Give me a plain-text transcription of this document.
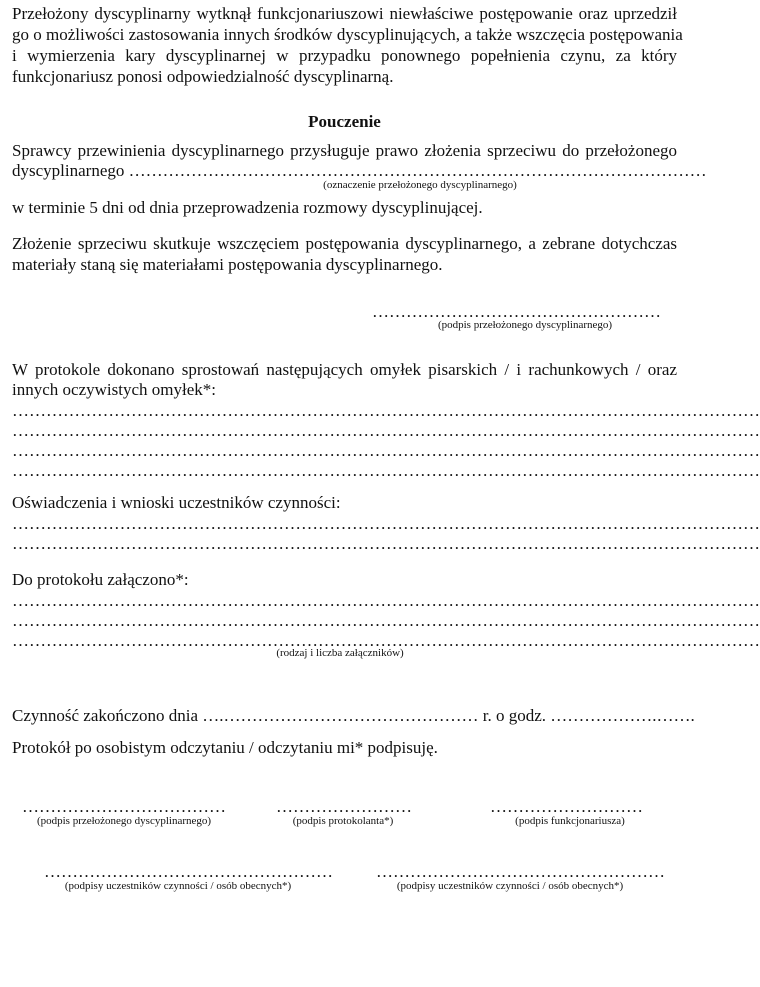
Przełożony dyscyplinarny wytknął funkcjonariuszowi niewłaściwe postępowanie oraz uprzedził
go o możliwości zastosowania innych środków dyscyplinujących, a także wszczęcia postępowania
i wymierzenia kary dyscyplinarnej w przypadku ponownego popełnienia czynu, za który
funkcjonariusz ponosi odpowiedzialność dyscyplinarną.
Pouczenie
Sprawcy przewinienia dyscyplinarnego przysługuje prawo złożenia sprzeciwu do przełożonego
dyscyplinarnego …………………………………………………………………………………………
(oznaczenie przełożonego dyscyplinarnego)
w terminie 5 dni od dnia przeprowadzenia rozmowy dyscyplinującej.
Złożenie sprzeciwu skutkuje wszczęciem postępowania dyscyplinarnego, a zebrane dotychczas
materiały staną się materiałami postępowania dyscyplinarnego.
……………………………………………
(podpis przełożonego dyscyplinarnego)
W protokole dokonano sprostowań następujących omyłek pisarskich / i rachunkowych / oraz
innych oczywistych omyłek*:
……………………………………………………………………………………………………………………
……………………………………………………………………………………………………………………
……………………………………………………………………………………………………………………
……………………………………………………………………………………………………………………
Oświadczenia i wnioski uczestników czynności:
……………………………………………………………………………………………………………………
……………………………………………………………………………………………………………………
Do protokołu załączono*:
……………………………………………………………………………………………………………………
……………………………………………………………………………………………………………………
……………………………………………………………………………………………………………………
(rodzaj i liczba załączników)
Czynność zakończono dnia ….……………………………………… r. o godz. ……………….…….
Protokół po osobistym odczytaniu / odczytaniu mi* podpisuję.
………………………………
(podpis przełożonego dyscyplinarnego)
……………………
(podpis protokolanta*)
………………………
(podpis funkcjonariusza)
……………………………………………
(podpisy uczestników czynności / osób obecnych*)
……………………………………………
(podpisy uczestników czynności / osób obecnych*)
